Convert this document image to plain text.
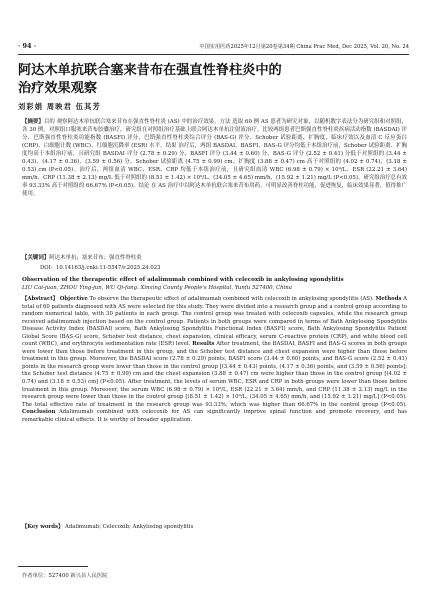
· 94 ·	中国实用医药2025年12月第20卷第34期 China Prac Med, Dec 2025, Vol. 20, No. 24
阿达木单抗联合塞来昔布在强直性脊柱炎中的
治疗效果观察
刘彩娟 周映君 伍其芳
【摘要】目的 观察阿达木单抗联合塞来昔布在强直性脊柱炎 (AS) 中的治疗效果。方法 选取 60 例 AS 患者为研究对象，以随机数字表法分为研究组和对照组，各 30 例。对照组口服塞来昔布胶囊治疗，研究组在对照组治疗基础上联合阿达木单抗注射液治疗。比较两组患者巴斯强直性脊柱炎疾病活动指数 (BASDAI) 评分、巴斯强直性脊柱炎功能指数 (BASFI) 评分、巴斯强直性脊柱炎综合评分 (BAS-G) 评分、Schober 试验距离、扩胸度、临床疗效以及血清 C 反应蛋白 (CRP)、白细胞计数 (WBC)、红细胞沉降率 (ESR) 水平。结果 治疗后，两组 BASDAI、BASFI、BAS-G 评分均低于本组治疗前，Schober 试验距离、扩胸度均高于本组治疗前，且研究组 BASDAI 评分 (2.78 ± 0.29) 分、BASFI 评分 (3.44 ± 0.60) 分、BAS-G 评分 (2.52 ± 0.41) 分低于对照组的 (3.44 ± 0.43)、(4.17 ± 0.36)、(3.59 ± 0.56) 分，Schober 试验距离 (4.75 ± 0.99) cm、扩胸度 (3.88 ± 0.47) cm 高于对照组的 (4.02 ± 0.74)、(3.18 ± 0.53) cm (P<0.05)。治疗后，两组血清 WBC、ESR、CRP 均低于本组治疗前，且研究组血清 WBC (6.98 ± 0.79) × 10⁹/L、ESR (22.21 ± 3.64) mm/h、CRP (11.38 ± 2.13) mg/L 低于对照组的 (8.51 ± 1.42) × 10⁹/L、(34.05 ± 4.65) mm/h、(15.92 ± 1.21) mg/L (P<0.05)。研究组治疗总有效率 93.33% 高于对照组的 66.67% (P<0.05)。结论 在 AS 治疗中以阿达木单抗联合塞来昔布用药，可明显改善脊柱功能，促进恢复，临床效果显著，值得推广使用。
【关键词】阿达木单抗；塞来昔布；强直性脊柱炎
DOI：10.14163/j.cnki.11-5547/r.2025.24.023
Observation of the therapeutic effect of adalimumab combined with celecoxib in ankylosing spondylitis
LIU Cai-juan, ZHOU Ying-jun, WU Qi-fang. Xinxing County People's Hospital, Yunfu 527400, China
【Abstract】 Objective To observe the therapeutic effect of adalimumab combined with celecoxib in ankylosing spondylitis (AS). Methods A total of 60 patients diagnosed with AS were selected for this study. They were divided into a research group and a control group according to random numerical table, with 30 patients in each group. The control group was treated with celecoxib capsules, while the research group received adalimumab injection based on the control group. Patients in both groups were compared in terms of Bath Ankylosing Spondylitis Disease Activity Index (BASDAI) score, Bath Ankylosing Spondylitis Functional Index (BASFI) score, Bath Ankylosing Spondylitis Patient Global Score (BAS-G) score, Schober test distance, chest expansion, clinical efficacy, serum C-reactive protein (CRP), and white blood cell count (WBC), and erythrocyte sedimentation rate (ESR) level. Results After treatment, the BASDAI, BASFI and BAS-G scores in both groups were lower than those before treatment in this group, and the Schober test distance and chest expansion were higher than those before treatment in this group. Moreover, the BASDAI score (2.78 ± 0.29) points, BASFI score (3.44 ± 0.60) points, and BAS-G score (2.52 ± 0.41) points in the research group were lower than those in the control group [(3.44 ± 0.43) points, (4.17 ± 0.36) points, and (3.59 ± 0.56) points]; the Schober test distance (4.75 ± 0.99) cm and the chest expansion (3.88 ± 0.47) cm were higher than those in the control group [(4.02 ± 0.74) and (3.18 ± 0.53) cm] (P<0.05). After treatment, the levels of serum WBC, ESR and CRP in both groups were lower than those before treatment in this group. Moreover, the serum WBC (6.98 ± 0.79) × 10⁹/L, ESR (22.21 ± 3.64) mm/h, and CRP (11.38 ± 2.13) mg/L in the research group were lower than those in the control group [(8.51 ± 1.42) × 10⁹/L, (34.05 ± 4.65) mm/h, and (15.92 ± 1.21) mg/L] (P<0.05). The total effective rate of treatment in the research group was 93.33%, which was higher than 66.67% in the control group (P<0.05). Conclusion Adalimumab combined with celecoxib for AS can significantly improve spinal function and promote recovery, and has remarkable clinical effects. It is worthy of broader application.
【Key words】 Adalimumab; Celecoxib; Ankylosing spondylitis
作者单位：527400 新兴县人民医院
